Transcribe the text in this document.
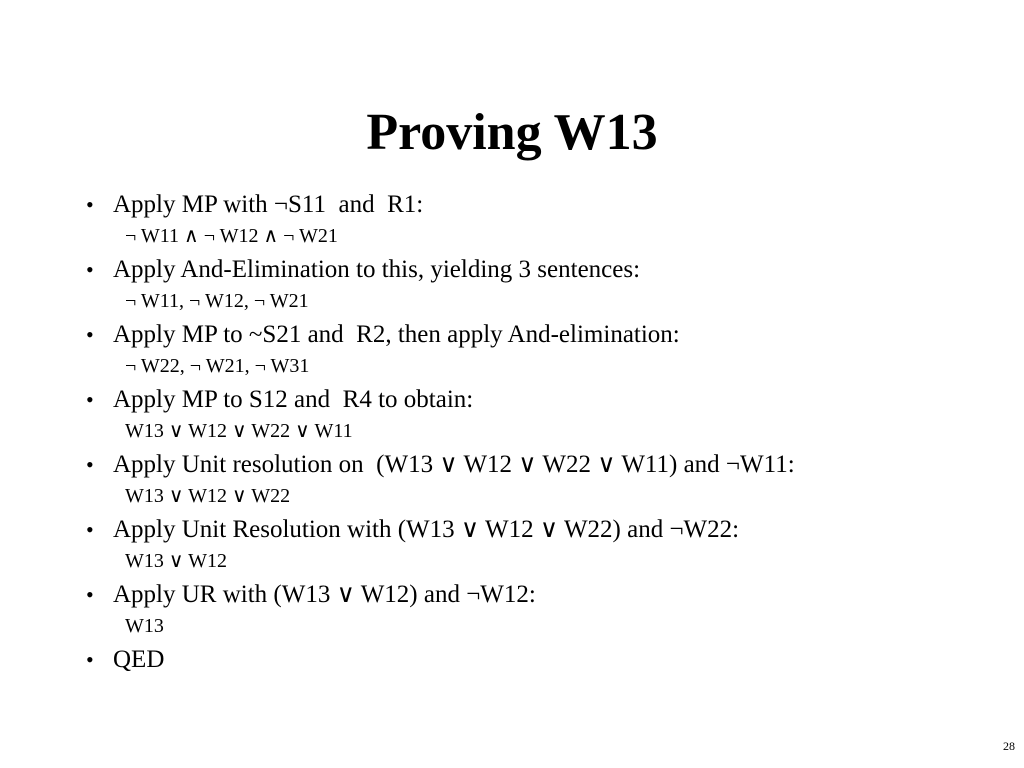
Proving W13
• Apply MP with ¬S11  and  R1:
¬ W11 ∧ ¬ W12 ∧ ¬ W21
• Apply And-Elimination to this, yielding 3 sentences:
¬ W11, ¬ W12, ¬ W21
• Apply MP to ~S21 and  R2, then apply And-elimination:
¬ W22, ¬ W21, ¬ W31
• Apply MP to S12 and  R4 to obtain:
W13 ∨ W12 ∨ W22 ∨ W11
• Apply Unit resolution on  (W13 ∨ W12 ∨ W22 ∨ W11) and ¬W11:
W13 ∨ W12 ∨ W22
• Apply Unit Resolution with (W13 ∨ W12 ∨ W22) and ¬W22:
W13 ∨ W12
• Apply UR with (W13 ∨ W12) and ¬W12:
W13
• QED
28
